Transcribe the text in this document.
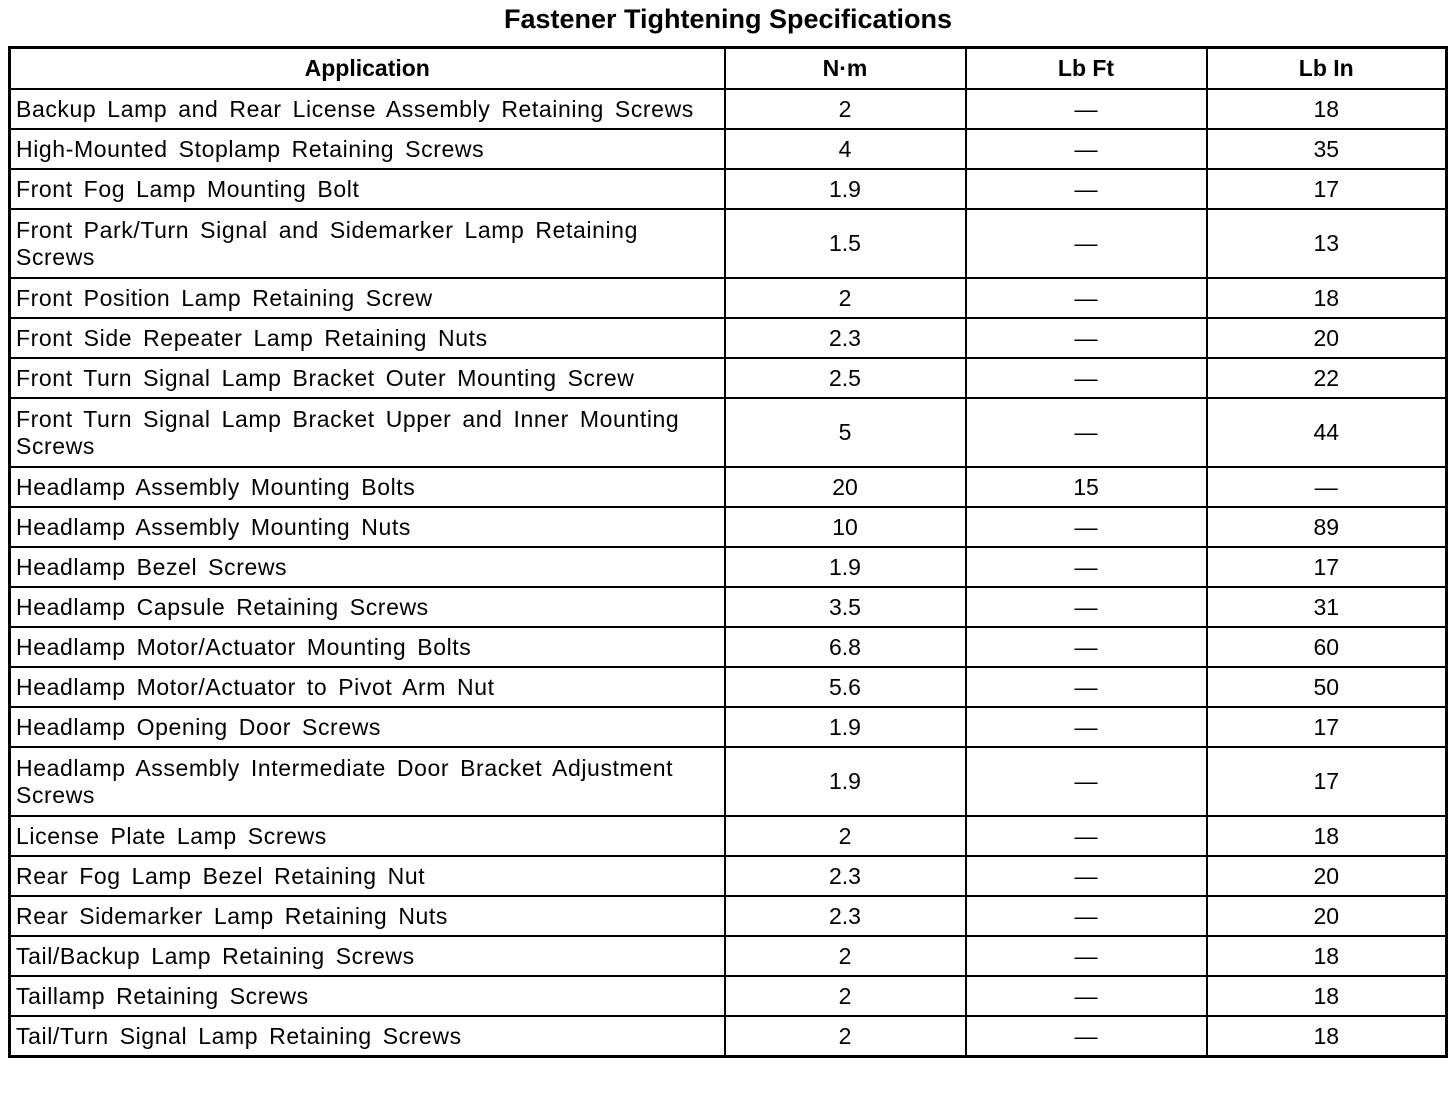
Fastener Tightening Specifications
Application	N·m	Lb Ft	Lb In
Backup Lamp and Rear License Assembly Retaining Screws	2	—	18
High-Mounted Stoplamp Retaining Screws	4	—	35
Front Fog Lamp Mounting Bolt	1.9	—	17
Front Park/Turn Signal and Sidemarker Lamp Retaining Screws	1.5	—	13
Front Position Lamp Retaining Screw	2	—	18
Front Side Repeater Lamp Retaining Nuts	2.3	—	20
Front Turn Signal Lamp Bracket Outer Mounting Screw	2.5	—	22
Front Turn Signal Lamp Bracket Upper and Inner Mounting Screws	5	—	44
Headlamp Assembly Mounting Bolts	20	15	—
Headlamp Assembly Mounting Nuts	10	—	89
Headlamp Bezel Screws	1.9	—	17
Headlamp Capsule Retaining Screws	3.5	—	31
Headlamp Motor/Actuator Mounting Bolts	6.8	—	60
Headlamp Motor/Actuator to Pivot Arm Nut	5.6	—	50
Headlamp Opening Door Screws	1.9	—	17
Headlamp Assembly Intermediate Door Bracket Adjustment Screws	1.9	—	17
License Plate Lamp Screws	2	—	18
Rear Fog Lamp Bezel Retaining Nut	2.3	—	20
Rear Sidemarker Lamp Retaining Nuts	2.3	—	20
Tail/Backup Lamp Retaining Screws	2	—	18
Taillamp Retaining Screws	2	—	18
Tail/Turn Signal Lamp Retaining Screws	2	—	18
